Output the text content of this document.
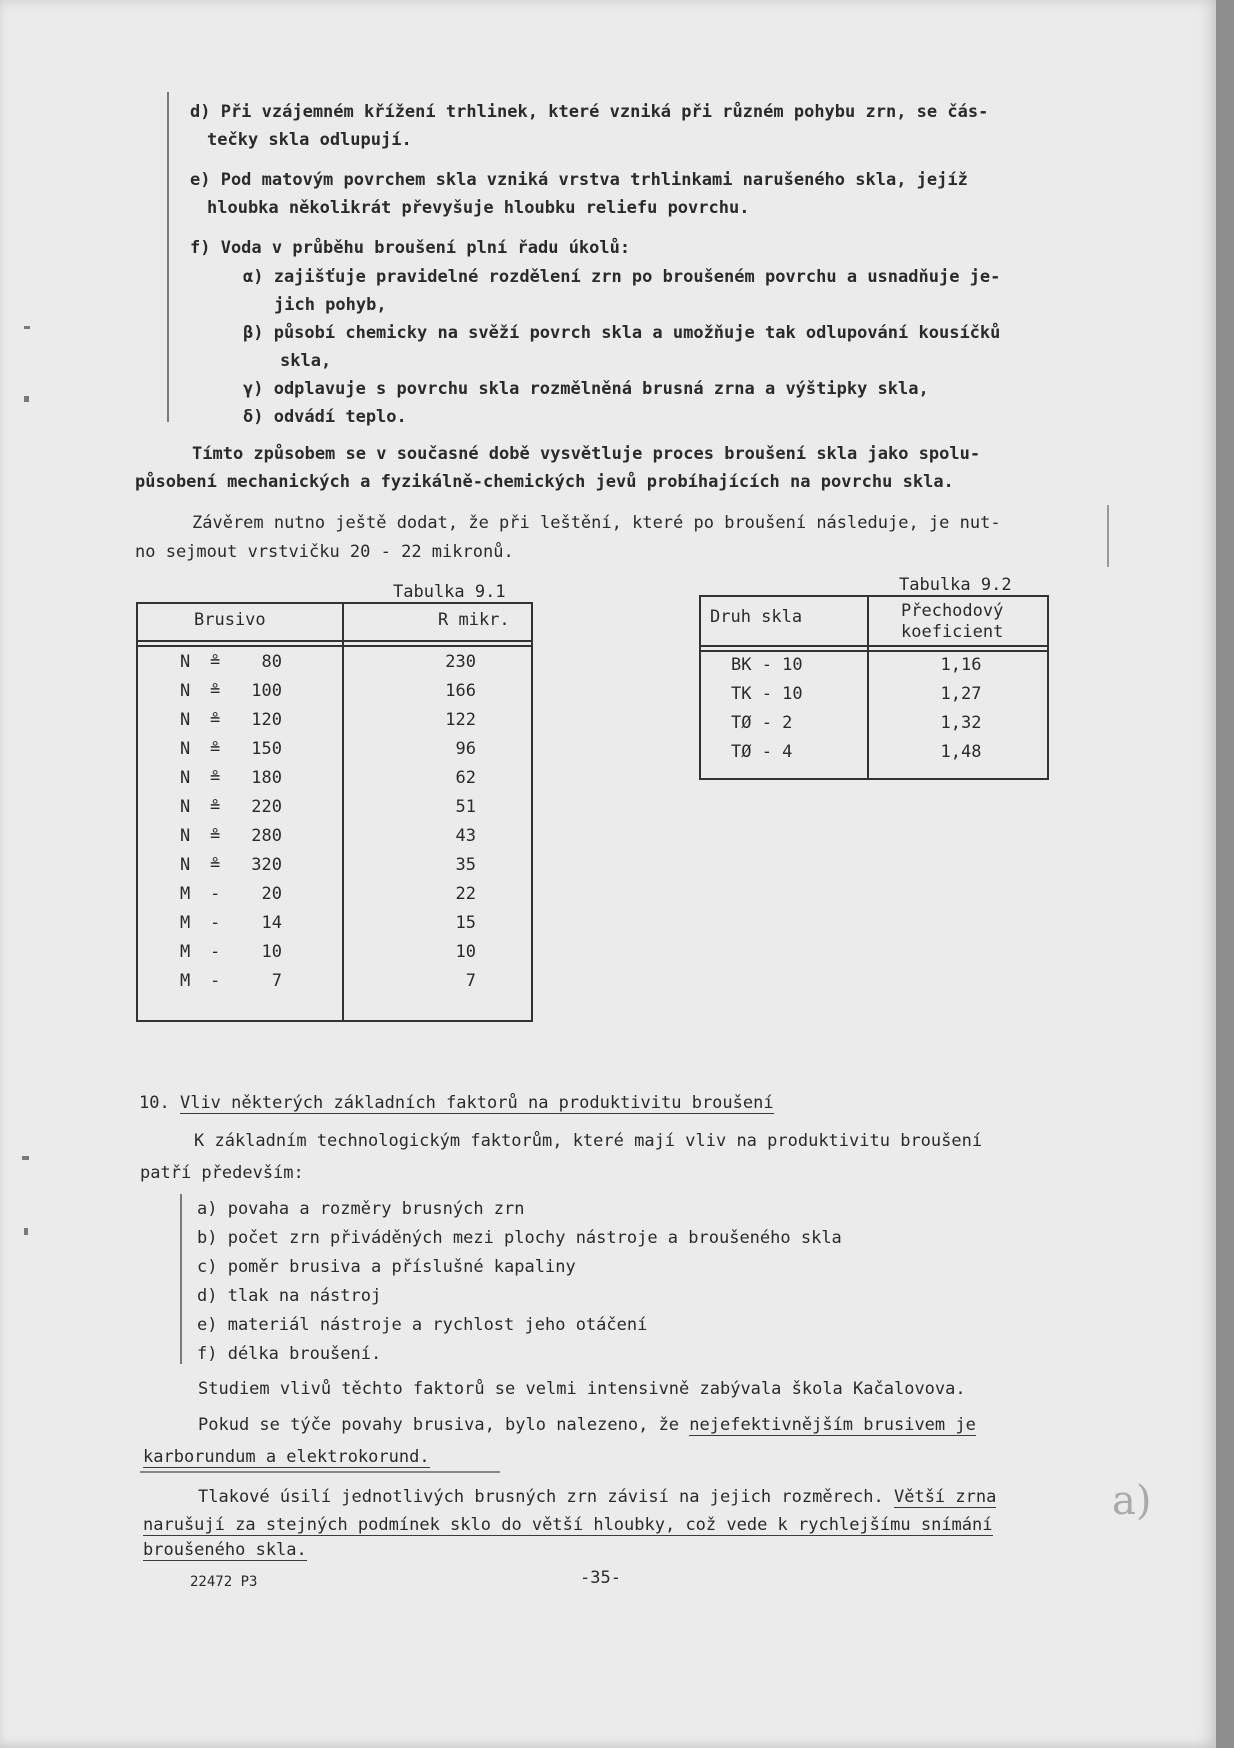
d) Při vzájemném křížení trhlinek, které vzniká při různém pohybu zrn, se čás-
tečky skla odlupují.
e) Pod matovým povrchem skla vzniká vrstva trhlinkami narušeného skla, jejíž
hloubka několikrát převyšuje hloubku reliefu povrchu.
f) Voda v průběhu broušení plní řadu úkolů:
α) zajišťuje pravidelné rozdělení zrn po broušeném povrchu a usnadňuje je-
jich pohyb,
β) působí chemicky na svěží povrch skla a umožňuje tak odlupování kousíčků
skla,
γ) odplavuje s povrchu skla rozmělněná brusná zrna a výštipky skla,
δ) odvádí teplo.
Tímto způsobem se v současné době vysvětluje proces broušení skla jako spolu-
působení mechanických a fyzikálně-chemických jevů probíhajících na povrchu skla.
Závěrem nutno ještě dodat, že při leštění, které po broušení následuje, je nut-
no sejmout vrstvičku 20 - 22 mikronů.
Tabulka 9.1
Brusivo	R mikr.
N ≗	80	230
N ≗	100	166
N ≗	120	122
N ≗	150	96
N ≗	180	62
N ≗	220	51
N ≗	280	43
N ≗	320	35
M -	20	22
M -	14	15
M -	10	10
M -	7	7
Tabulka 9.2
Druh skla	Přechodový
koeficient
BK - 10	1,16
TK - 10	1,27
TØ - 2	1,32
TØ - 4	1,48
10. Vliv některých základních faktorů na produktivitu broušení
K základním technologickým faktorům, které mají vliv na produktivitu broušení
patří především:
a) povaha a rozměry brusných zrn
b) počet zrn přiváděných mezi plochy nástroje a broušeného skla
c) poměr brusiva a příslušné kapaliny
d) tlak na nástroj
e) materiál nástroje a rychlost jeho otáčení
f) délka broušení.
Studiem vlivů těchto faktorů se velmi intensivně zabývala škola Kačalovova.
Pokud se týče povahy brusiva, bylo nalezeno, že nejefektivnějším brusivem je
karborundum a elektrokorund.
Tlakové úsilí jednotlivých brusných zrn závisí na jejich rozměrech. Větší zrna
narušují za stejných podmínek sklo do větší hloubky, což vede k rychlejšímu snímání
broušeného skla.
a)
22472 P3	-35-
